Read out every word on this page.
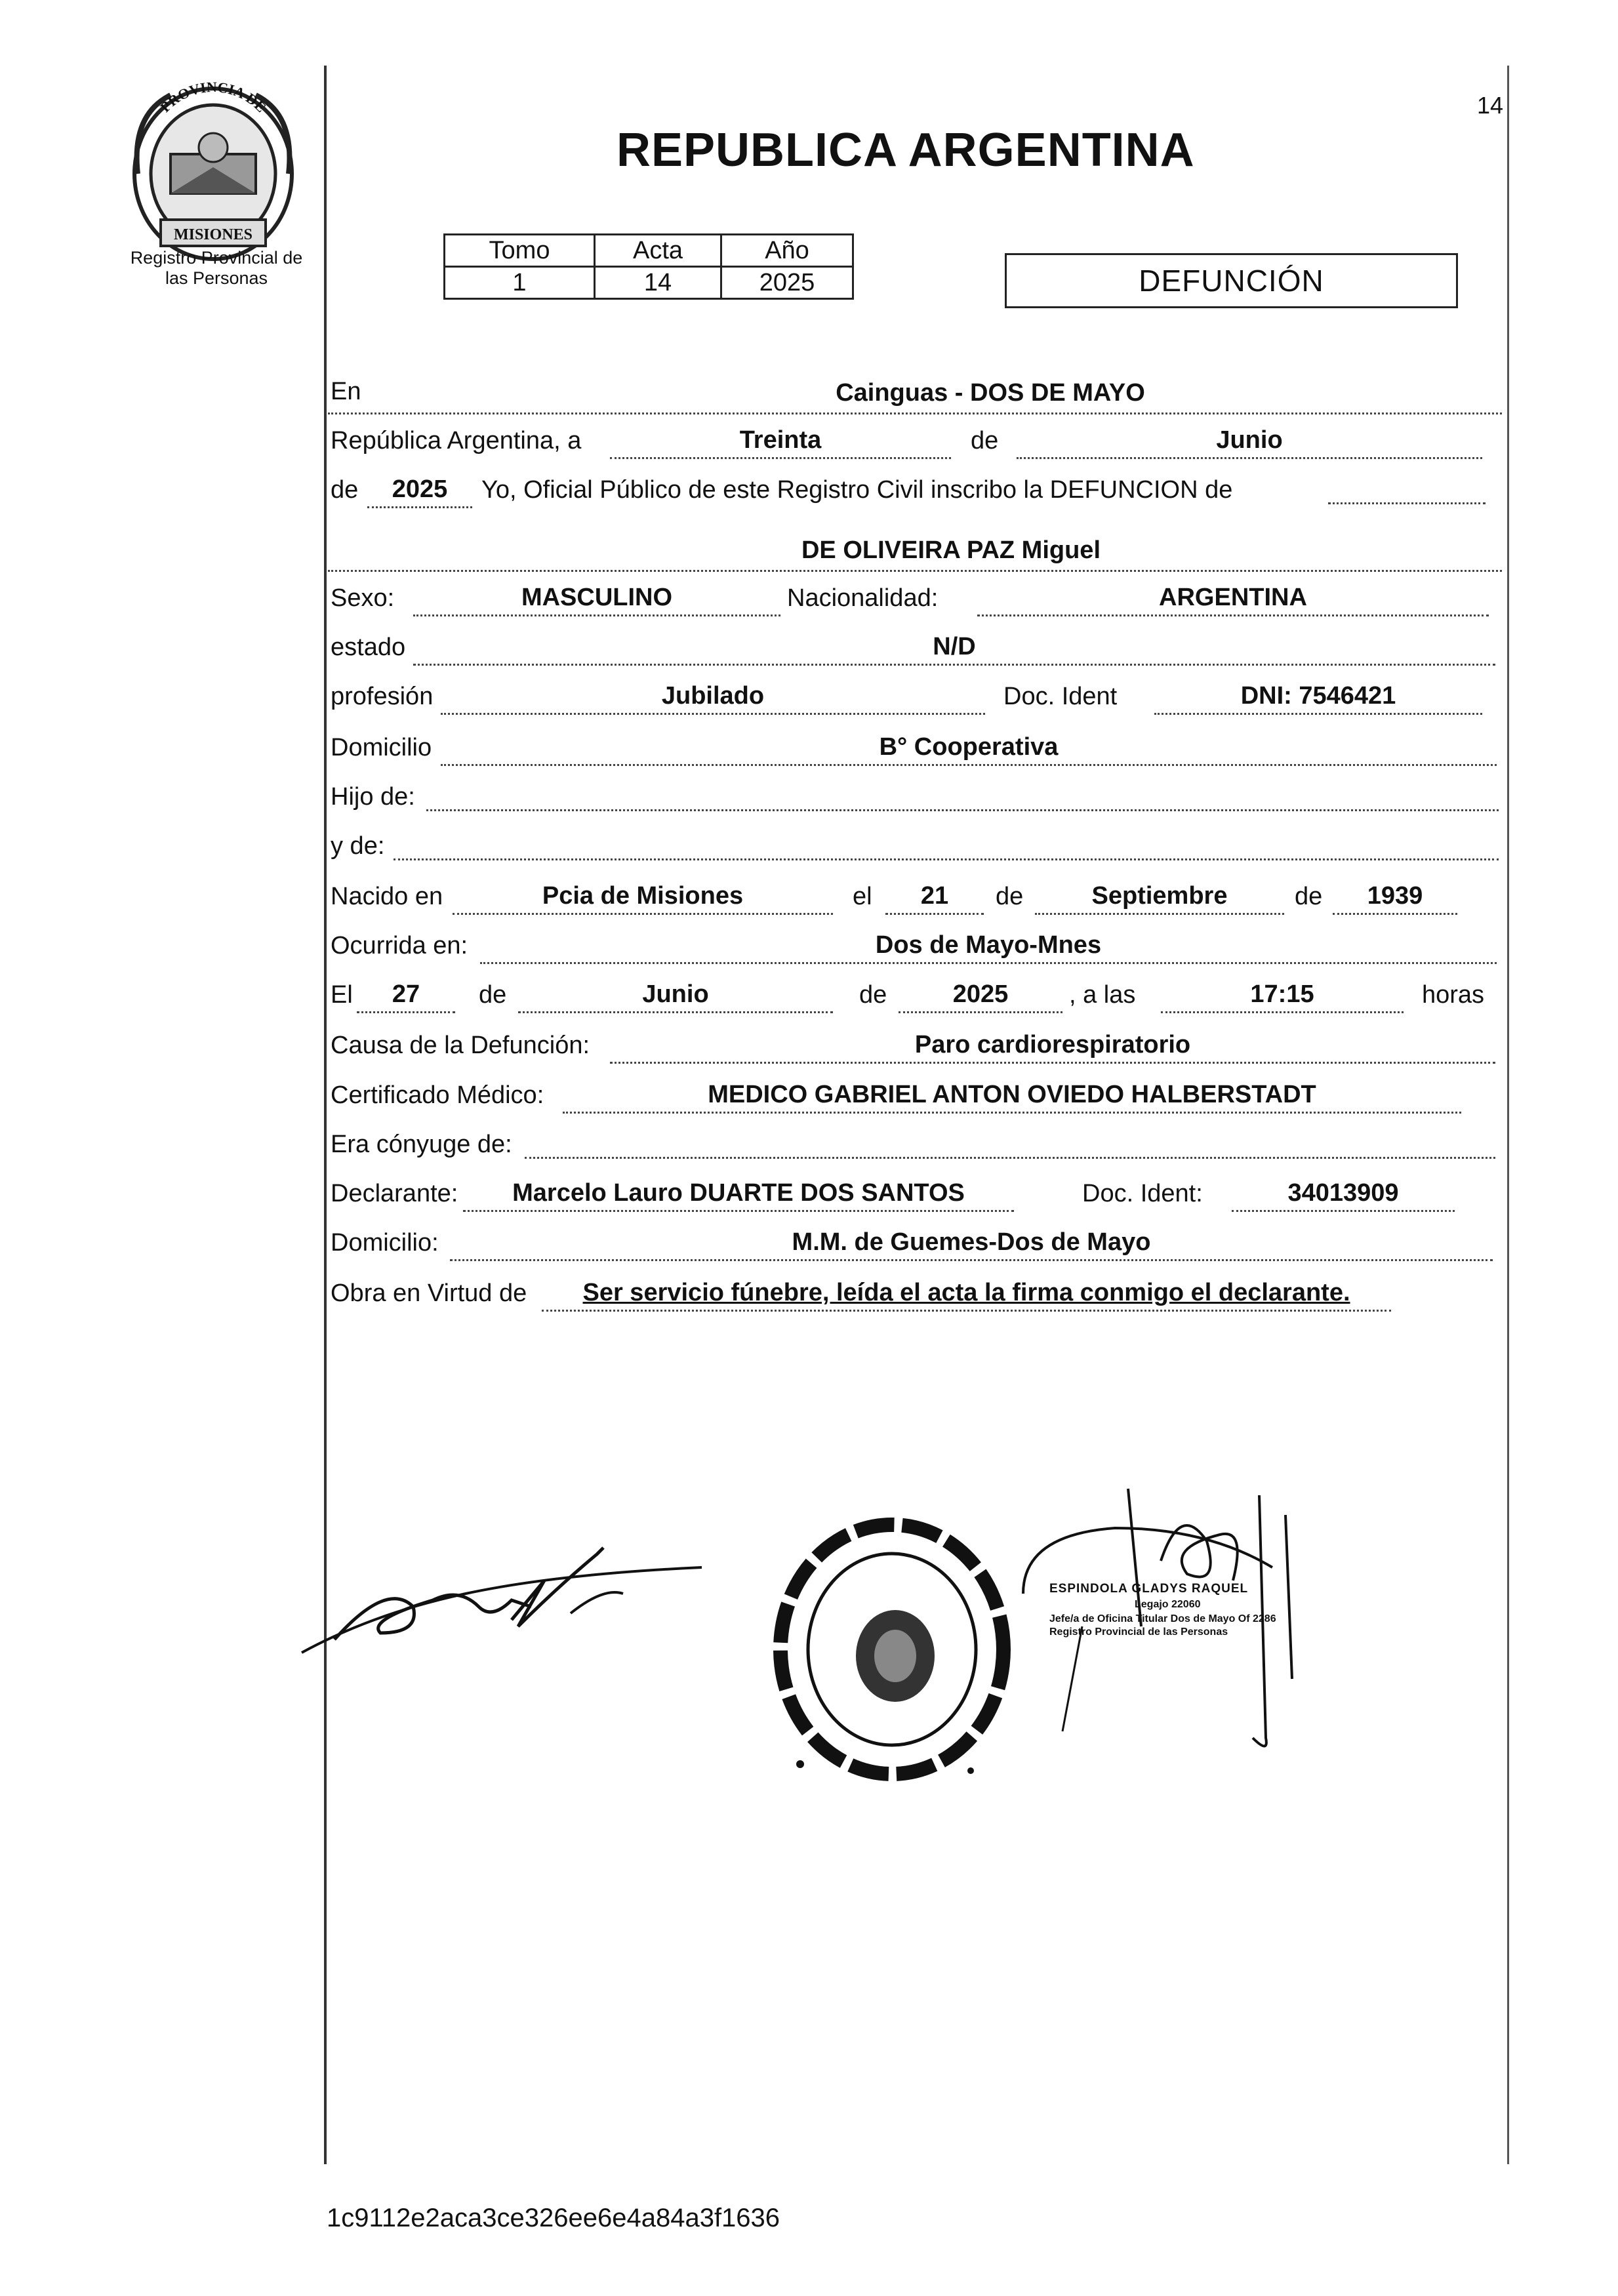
PROVINCIA DE
MISIONES
Registro Provincial de
las Personas
14
REPUBLICA ARGENTINA
Tomo	Acta	Año
1	14	2025	DEFUNCIÓN
En	Cainguas - DOS DE MAYO
República Argentina, a	Treinta	de	Junio
de	2025	Yo, Oficial Público de este Registro Civil inscribo la DEFUNCION de
DE OLIVEIRA PAZ Miguel
Sexo:	MASCULINO	Nacionalidad:	ARGENTINA
estado	N/D
profesión	Jubilado	Doc. Ident	DNI: 7546421
Domicilio	B° Cooperativa
Hijo de:
y de:
Nacido en	Pcia de Misiones	el	21	de	Septiembre	de	1939
Ocurrida en:	Dos de Mayo-Mnes
El	27	de	Junio	de	2025	, a las	17:15	horas
Causa de la Defunción:	Paro cardiorespiratorio
Certificado Médico:	MEDICO GABRIEL ANTON OVIEDO HALBERSTADT
Era cónyuge de:
Declarante:	Marcelo Lauro DUARTE DOS SANTOS	Doc. Ident:	34013909
Domicilio:	M.M. de Guemes-Dos de Mayo
Obra en Virtud de	Ser servicio fúnebre, leída el acta la firma conmigo el declarante.
ESPINDOLA GLADYS RAQUEL
Legajo 22060
Jefe/a de Oficina Titular Dos de Mayo Of 2286
Registro Provincial de las Personas
1c9112e2aca3ce326ee6e4a84a3f1636
